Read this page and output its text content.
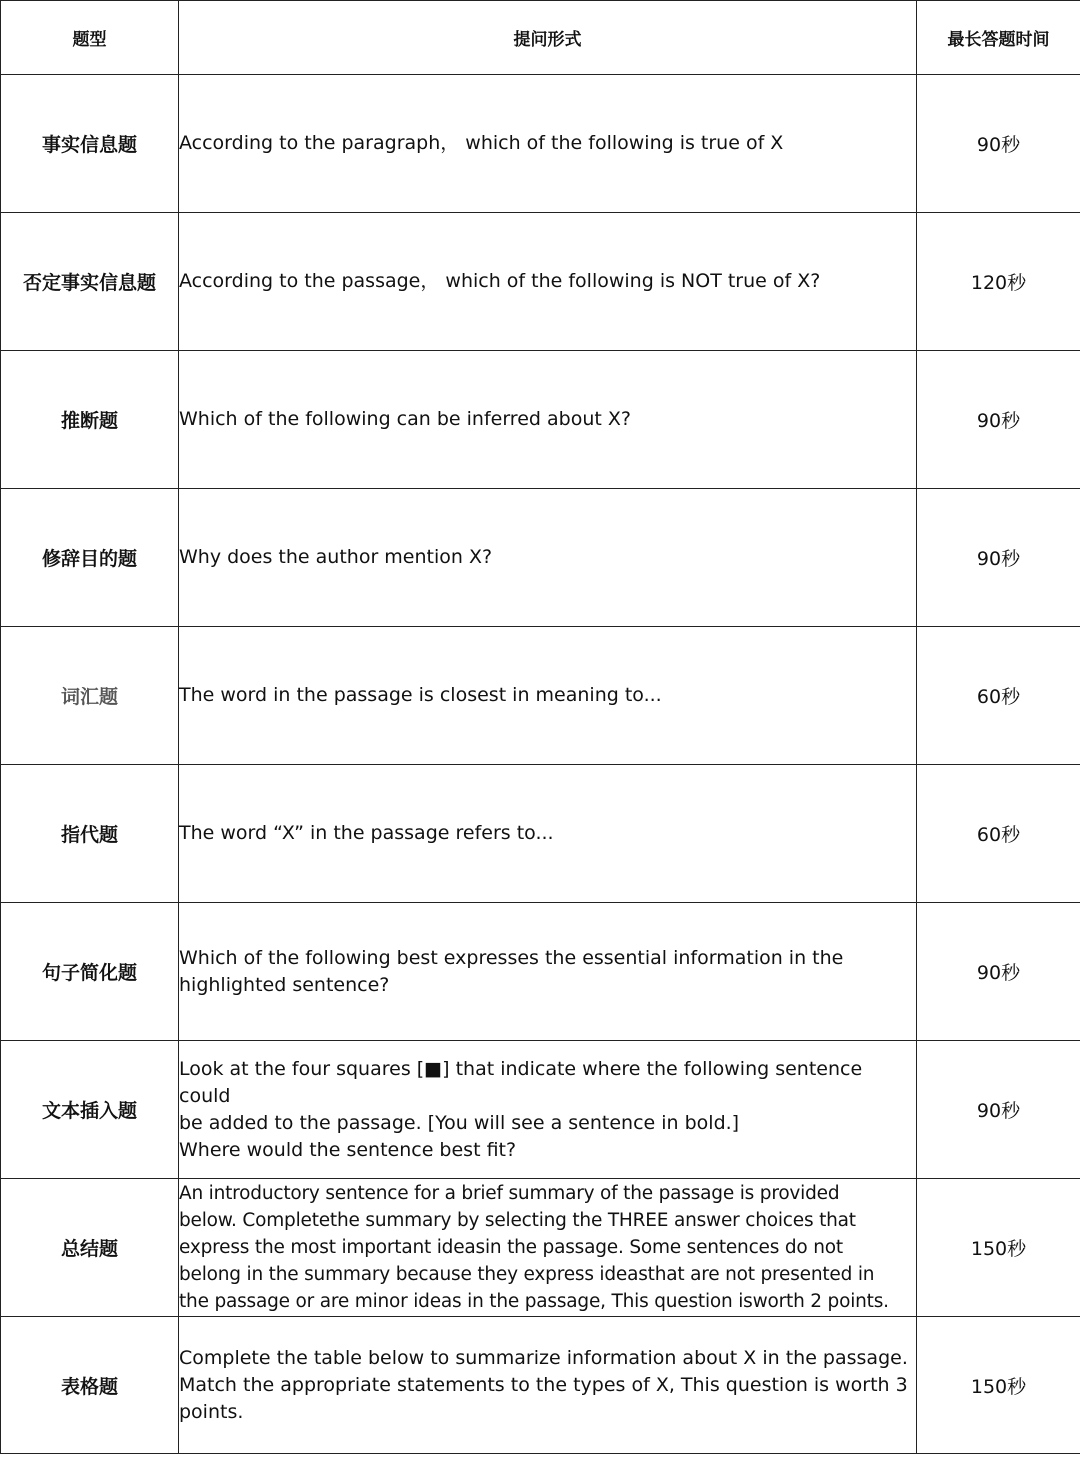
题型	提问形式	最长答题时间
事实信息题	According to the paragraph， which of the following is true of X	90秒
否定事实信息题	According to the passage， which of the following is NOT true of X?	120秒
推断题	Which of the following can be inferred about X?	90秒
修辞目的题	Why does the author mention X?	90秒
词汇题	The word in the passage is closest in meaning to...	60秒
指代题	The word “X” in the passage refers to...	60秒
句子简化题	Which of the following best expresses the essential information in the
highlighted sentence?	90秒
文本插入题	Look at the four squares [■] that indicate where the following sentence could
be added to the passage. [You will see a sentence in bold.]
Where would the sentence best fit?	90秒
总结题	An introductory sentence for a brief summary of the passage is provided
below. Completethe summary by selecting the THREE answer choices that
express the most important ideasin the passage. Some sentences do not
belong in the summary because they express ideasthat are not presented in
the passage or are minor ideas in the passage, This question isworth 2 points.	150秒
表格题	Complete the table below to summarize information about X in the passage.
Match the appropriate statements to the types of X, This question is worth 3
points.	150秒
